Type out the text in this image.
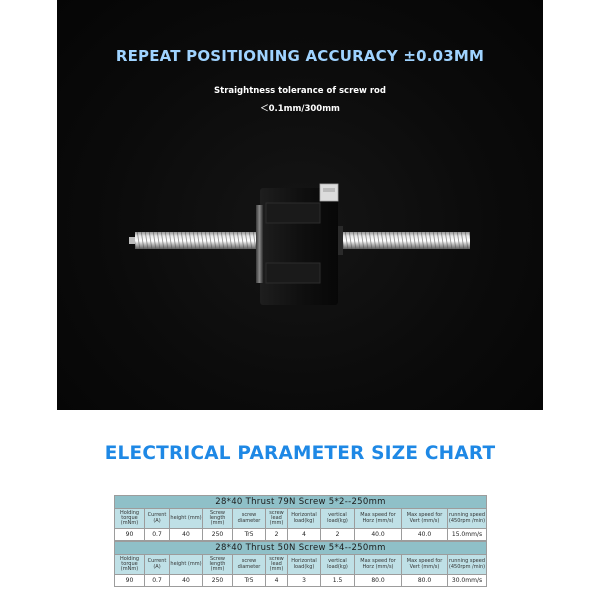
REPEAT POSITIONING ACCURACY ±0.03MM
Straightness tolerance of screw rod
＜0.1mm/300mm
ELECTRICAL PARAMETER SIZE CHART
28*40 Thrust 79N Screw 5*2--250mm										
Holding torque (mNm)	Current (A)	height (mm)	Screw length (mm)	screw diameter	screw lead (mm)	Horizontal load(kg)	vertical load(kg)	Max speed for Horz (mm/s)	Max speed for Vert (mm/s)	running speed (450rpm /min)
90	0.7	40	250	Tr5	2	4	2	40.0	40.0	15.0mm/s
28*40 Thrust 50N Screw 5*4--250mm										
Holding torque (mNm)	Current (A)	height (mm)	Screw length (mm)	screw diameter	screw lead (mm)	Horizontal load(kg)	vertical load(kg)	Max speed for Horz (mm/s)	Max speed for Vert (mm/s)	running speed (450rpm /min)
90	0.7	40	250	Tr5	4	3	1.5	80.0	80.0	30.0mm/s
